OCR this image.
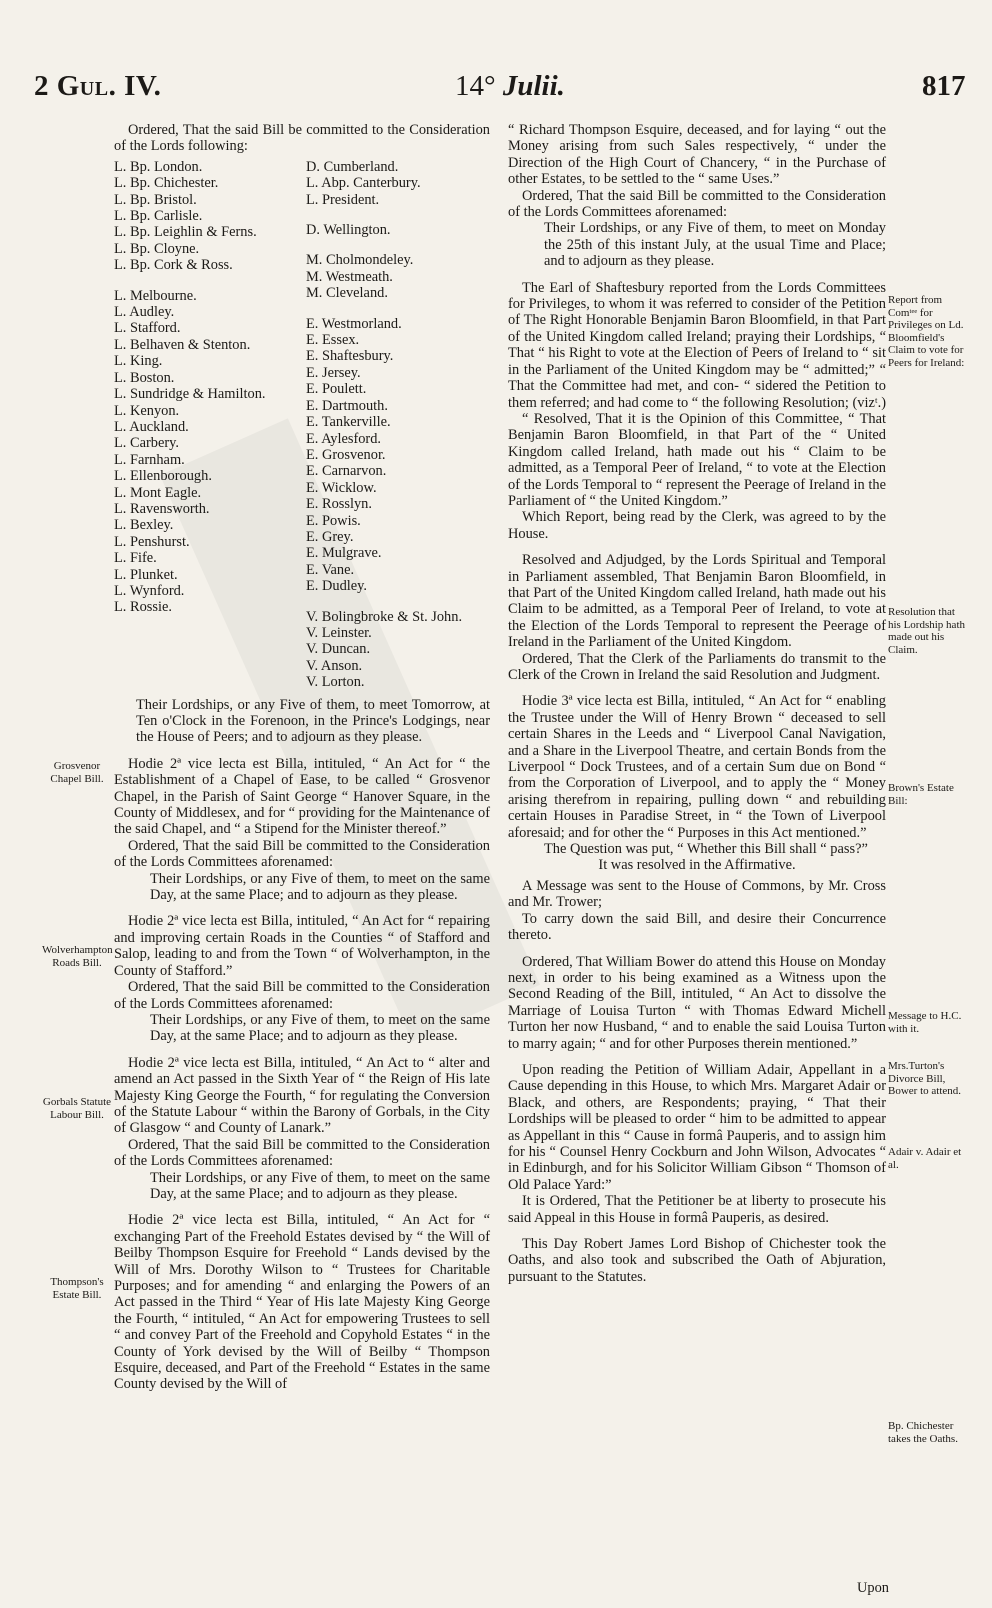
2 Gul. IV.	14° Julii.	817

Ordered, That the said Bill be committed to the Consideration of the Lords following:

L. Bp. London.
L. Bp. Chichester.
L. Bp. Bristol.
L. Bp. Carlisle.
L. Bp. Leighlin & Ferns.
L. Bp. Cloyne.
L. Bp. Cork & Ross.
L. Melbourne.
L. Audley.
L. Stafford.
L. Belhaven & Stenton.
L. King.
L. Boston.
L. Sundridge & Hamilton.
L. Kenyon.
L. Auckland.
L. Carbery.
L. Farnham.
L. Ellenborough.
L. Mont Eagle.
L. Ravensworth.
L. Bexley.
L. Penshurst.
L. Fife.
L. Plunket.
L. Wynford.
L. Rossie.
D. Cumberland.
L. Abp. Canterbury.
L. President.
D. Wellington.
M. Cholmondeley.
M. Westmeath.
M. Cleveland.
E. Westmorland.
E. Essex.
E. Shaftesbury.
E. Jersey.
E. Poulett.
E. Dartmouth.
E. Tankerville.
E. Aylesford.
E. Grosvenor.
E. Carnarvon.
E. Wicklow.
E. Rosslyn.
E. Powis.
E. Grey.
E. Mulgrave.
E. Vane.
E. Dudley.
V. Bolingbroke & St. John.
V. Leinster.
V. Duncan.
V. Anson.
V. Lorton.

Their Lordships, or any Five of them, to meet Tomorrow, at Ten o'Clock in the Forenoon, in the Prince's Lodgings, near the House of Peers; and to adjourn as they please.

Hodie 2ª vice lecta est Billa, intituled, “ An Act for “ the Establishment of a Chapel of Ease, to be called “ Grosvenor Chapel, in the Parish of Saint George “ Hanover Square, in the County of Middlesex, and for “ providing for the Maintenance of the said Chapel, and “ a Stipend for the Minister thereof.”

Ordered, That the said Bill be committed to the Consideration of the Lords Committees aforenamed:

Their Lordships, or any Five of them, to meet on the same Day, at the same Place; and to adjourn as they please.

Hodie 2ª vice lecta est Billa, intituled, “ An Act for “ repairing and improving certain Roads in the Counties “ of Stafford and Salop, leading to and from the Town “ of Wolverhampton, in the County of Stafford.”

Ordered, That the said Bill be committed to the Consideration of the Lords Committees aforenamed:

Their Lordships, or any Five of them, to meet on the same Day, at the same Place; and to adjourn as they please.

Hodie 2ª vice lecta est Billa, intituled, “ An Act to “ alter and amend an Act passed in the Sixth Year of “ the Reign of His late Majesty King George the Fourth, “ for regulating the Conversion of the Statute Labour “ within the Barony of Gorbals, in the City of Glasgow “ and County of Lanark.”

Ordered, That the said Bill be committed to the Consideration of the Lords Committees aforenamed:

Their Lordships, or any Five of them, to meet on the same Day, at the same Place; and to adjourn as they please.

Hodie 2ª vice lecta est Billa, intituled, “ An Act for “ exchanging Part of the Freehold Estates devised by “ the Will of Beilby Thompson Esquire for Freehold “ Lands devised by the Will of Mrs. Dorothy Wilson to “ Trustees for Charitable Purposes; and for amending “ and enlarging the Powers of an Act passed in the Third “ Year of His late Majesty King George the Fourth, “ intituled, “ An Act for empowering Trustees to sell “ and convey Part of the Freehold and Copyhold Estates “ in the County of York devised by the Will of Beilby “ Thompson Esquire, deceased, and Part of the Freehold “ Estates in the same County devised by the Will of

“ Richard Thompson Esquire, deceased, and for laying “ out the Money arising from such Sales respectively, “ under the Direction of the High Court of Chancery, “ in the Purchase of other Estates, to be settled to the “ same Uses.”

Ordered, That the said Bill be committed to the Consideration of the Lords Committees aforenamed:

Their Lordships, or any Five of them, to meet on Monday the 25th of this instant July, at the usual Time and Place; and to adjourn as they please.

The Earl of Shaftesbury reported from the Lords Committees for Privileges, to whom it was referred to consider of the Petition of The Right Honorable Benjamin Baron Bloomfield, in that Part of the United Kingdom called Ireland; praying their Lordships, “ That “ his Right to vote at the Election of Peers of Ireland to “ sit in the Parliament of the United Kingdom may be “ admitted;” “ That the Committee had met, and con- “ sidered the Petition to them referred; and had come to “ the following Resolution; (vizᵗ.)

“ Resolved, That it is the Opinion of this Committee, “ That Benjamin Baron Bloomfield, in that Part of the “ United Kingdom called Ireland, hath made out his “ Claim to be admitted, as a Temporal Peer of Ireland, “ to vote at the Election of the Lords Temporal to “ represent the Peerage of Ireland in the Parliament of “ the United Kingdom.”

Which Report, being read by the Clerk, was agreed to by the House.

Resolved and Adjudged, by the Lords Spiritual and Temporal in Parliament assembled, That Benjamin Baron Bloomfield, in that Part of the United Kingdom called Ireland, hath made out his Claim to be admitted, as a Temporal Peer of Ireland, to vote at the Election of the Lords Temporal to represent the Peerage of Ireland in the Parliament of the United Kingdom.

Ordered, That the Clerk of the Parliaments do transmit to the Clerk of the Crown in Ireland the said Resolution and Judgment.

Hodie 3ª vice lecta est Billa, intituled, “ An Act for “ enabling the Trustee under the Will of Henry Brown “ deceased to sell certain Shares in the Leeds and “ Liverpool Canal Navigation, and a Share in the Liverpool Theatre, and certain Bonds from the Liverpool “ Dock Trustees, and of a certain Sum due on Bond “ from the Corporation of Liverpool, and to apply the “ Money arising therefrom in repairing, pulling down “ and rebuilding certain Houses in Paradise Street, in “ the Town of Liverpool aforesaid; and for other the “ Purposes in this Act mentioned.”

The Question was put, “ Whether this Bill shall “ pass?”

It was resolved in the Affirmative.

A Message was sent to the House of Commons, by Mr. Cross and Mr. Trower;

To carry down the said Bill, and desire their Concurrence thereto.

Ordered, That William Bower do attend this House on Monday next, in order to his being examined as a Witness upon the Second Reading of the Bill, intituled, “ An Act to dissolve the Marriage of Louisa Turton “ with Thomas Edward Michell Turton her now Husband, “ and to enable the said Louisa Turton to marry again; “ and for other Purposes therein mentioned.”

Upon reading the Petition of William Adair, Appellant in a Cause depending in this House, to which Mrs. Margaret Adair or Black, and others, are Respondents; praying, “ That their Lordships will be pleased to order “ him to be admitted to appear as Appellant in this “ Cause in formâ Pauperis, and to assign him for his “ Counsel Henry Cockburn and John Wilson, Advocates “ in Edinburgh, and for his Solicitor William Gibson “ Thomson of Old Palace Yard:”

It is Ordered, That the Petitioner be at liberty to prosecute his said Appeal in this House in formâ Pauperis, as desired.

This Day Robert James Lord Bishop of Chichester took the Oaths, and also took and subscribed the Oath of Abjuration, pursuant to the Statutes.

Grosvenor Chapel Bill.
Wolverhampton Roads Bill.
Gorbals Statute Labour Bill.
Thompson's Estate Bill.
Report from Comᵗᵉᵉ for Privileges on Ld. Bloomfield's Claim to vote for Peers for Ireland:
Resolution that his Lordship hath made out his Claim.
Brown's Estate Bill:
Message to H.C. with it.
Mrs.Turton's Divorce Bill, Bower to attend.
Adair v. Adair et al.
Bp. Chichester takes the Oaths.
Upon
